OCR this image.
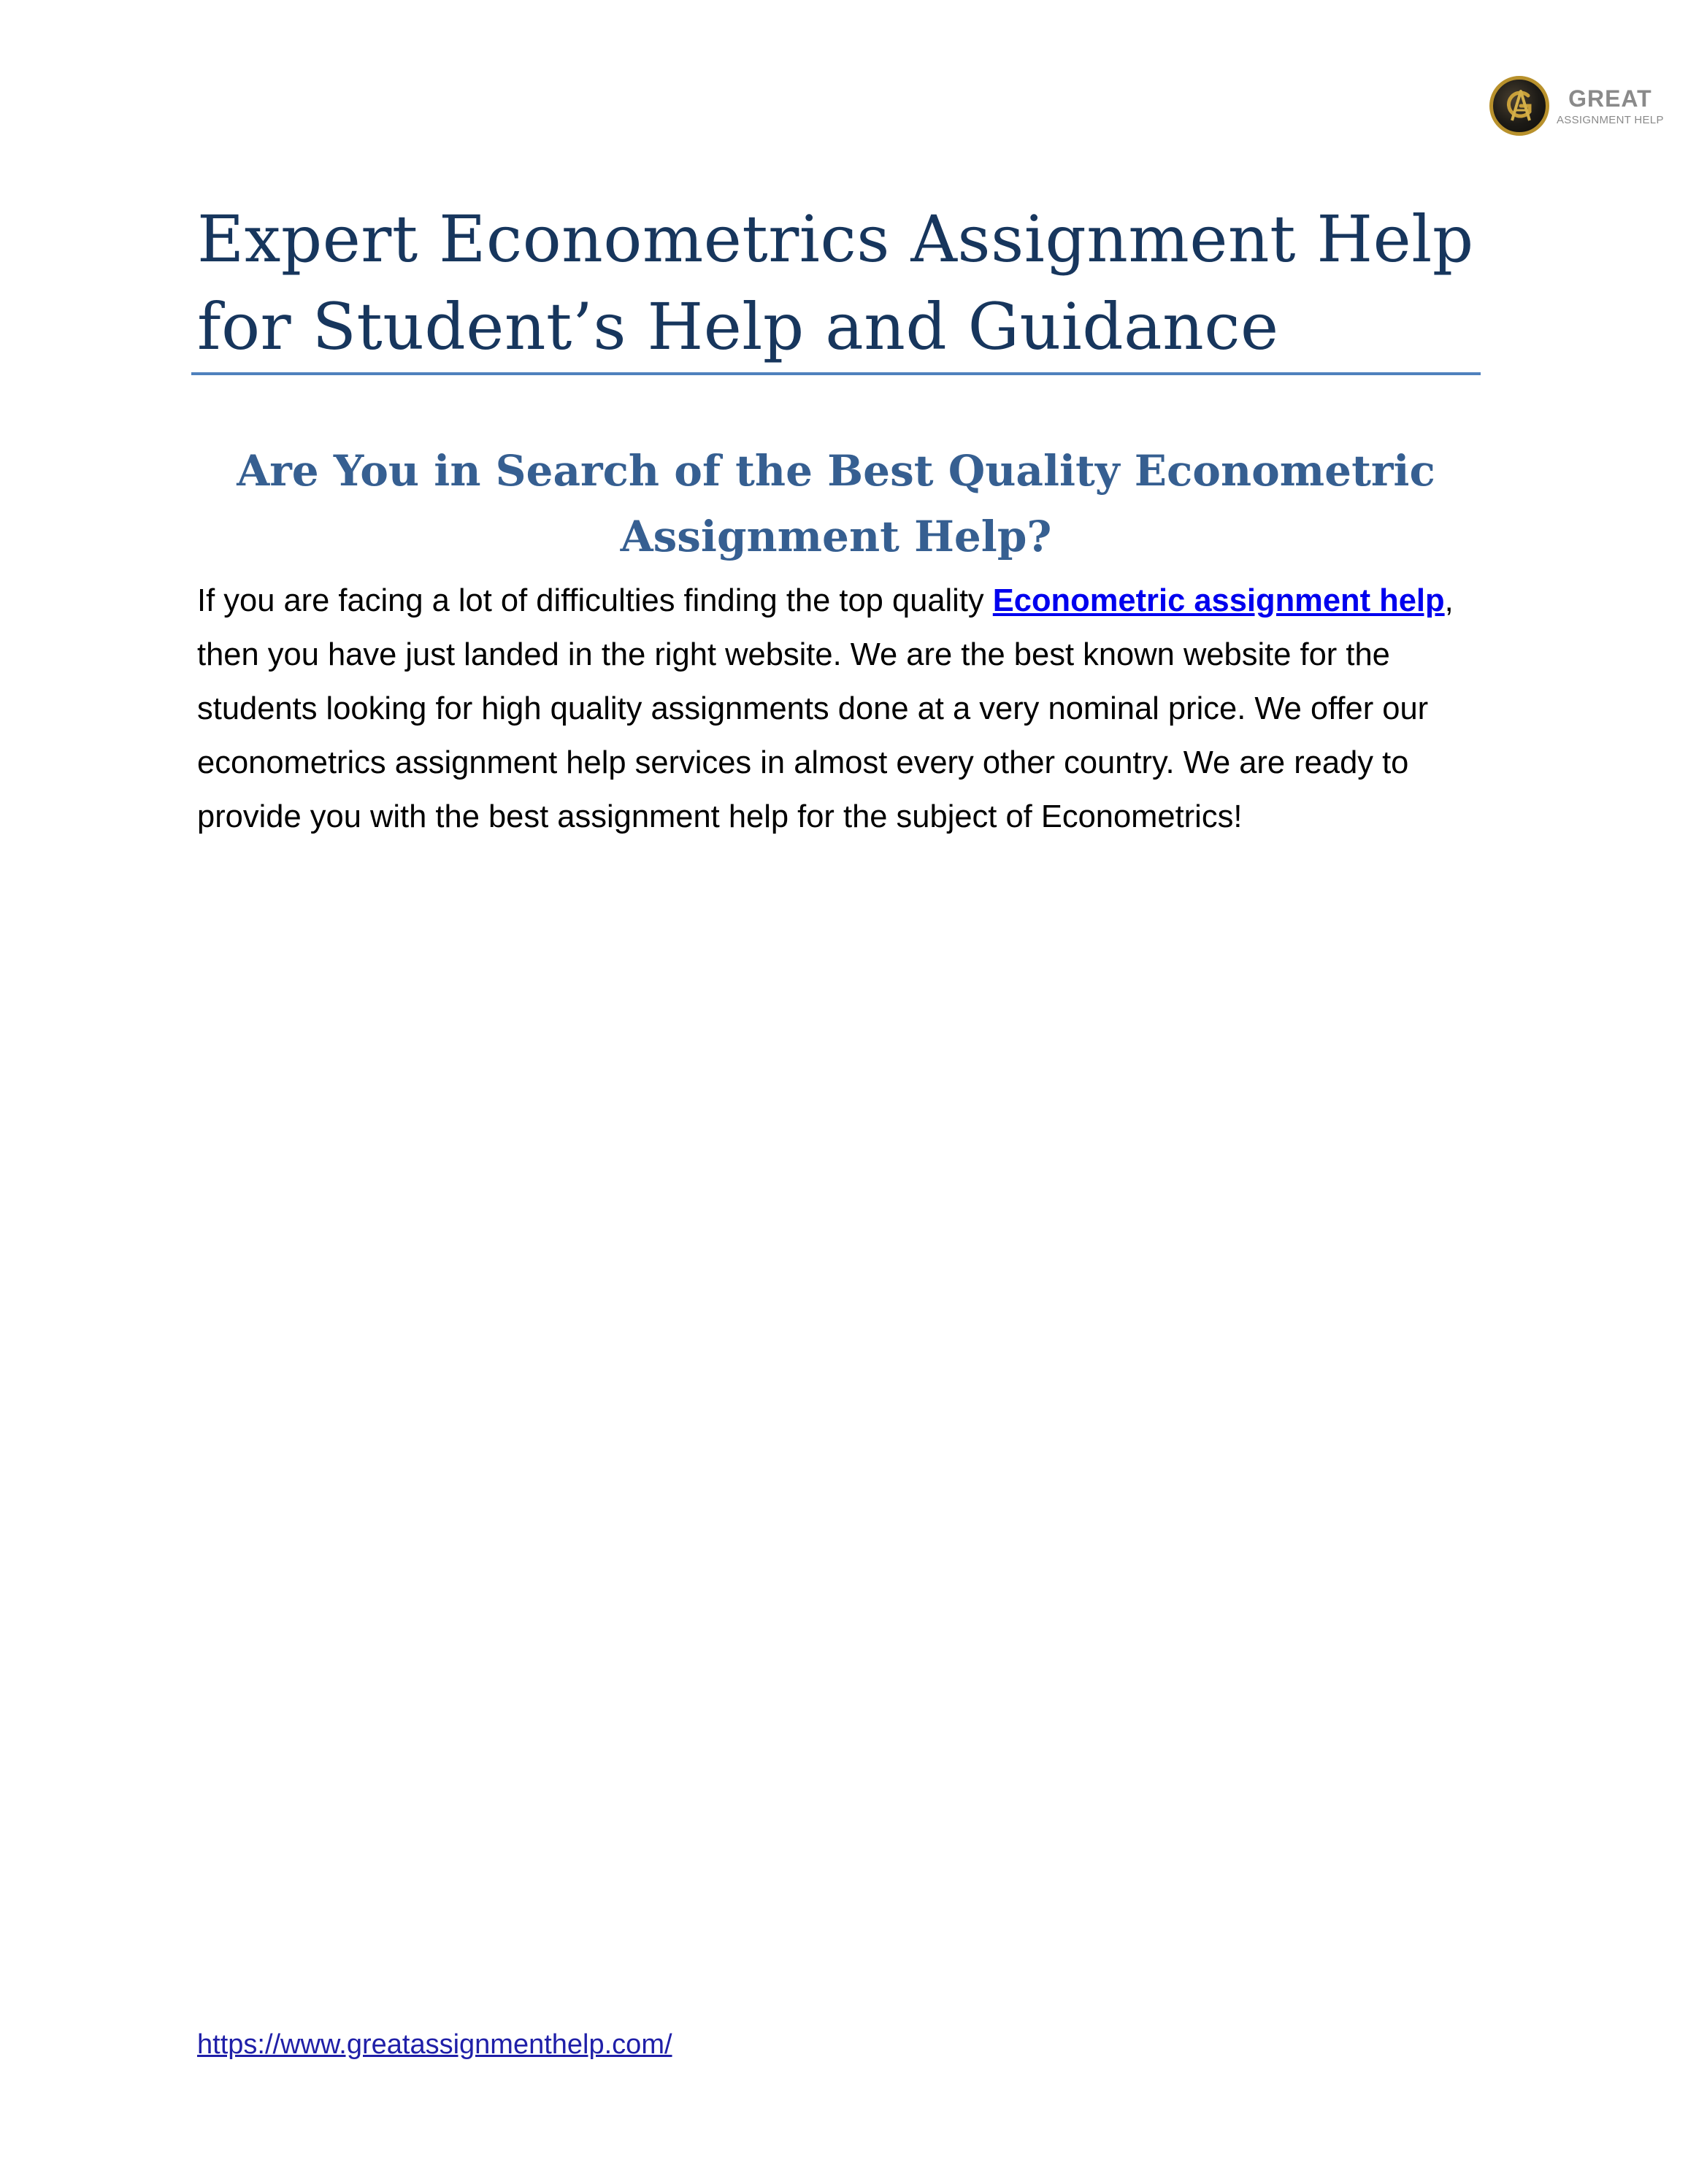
GREAT
ASSIGNMENT HELP
Expert Econometrics Assignment Help
for Student’s Help and Guidance
Are You in Search of the Best Quality Econometric
Assignment Help?

If you are facing a lot of difficulties finding the top quality Econometric assignment help, then you have just landed in the right website. We are the best known website for the students looking for high quality assignments done at a very nominal price. We offer our econometrics assignment help services in almost every other country. We are ready to provide you with the best assignment help for the subject of Econometrics!

https://www.greatassignmenthelp.com/
